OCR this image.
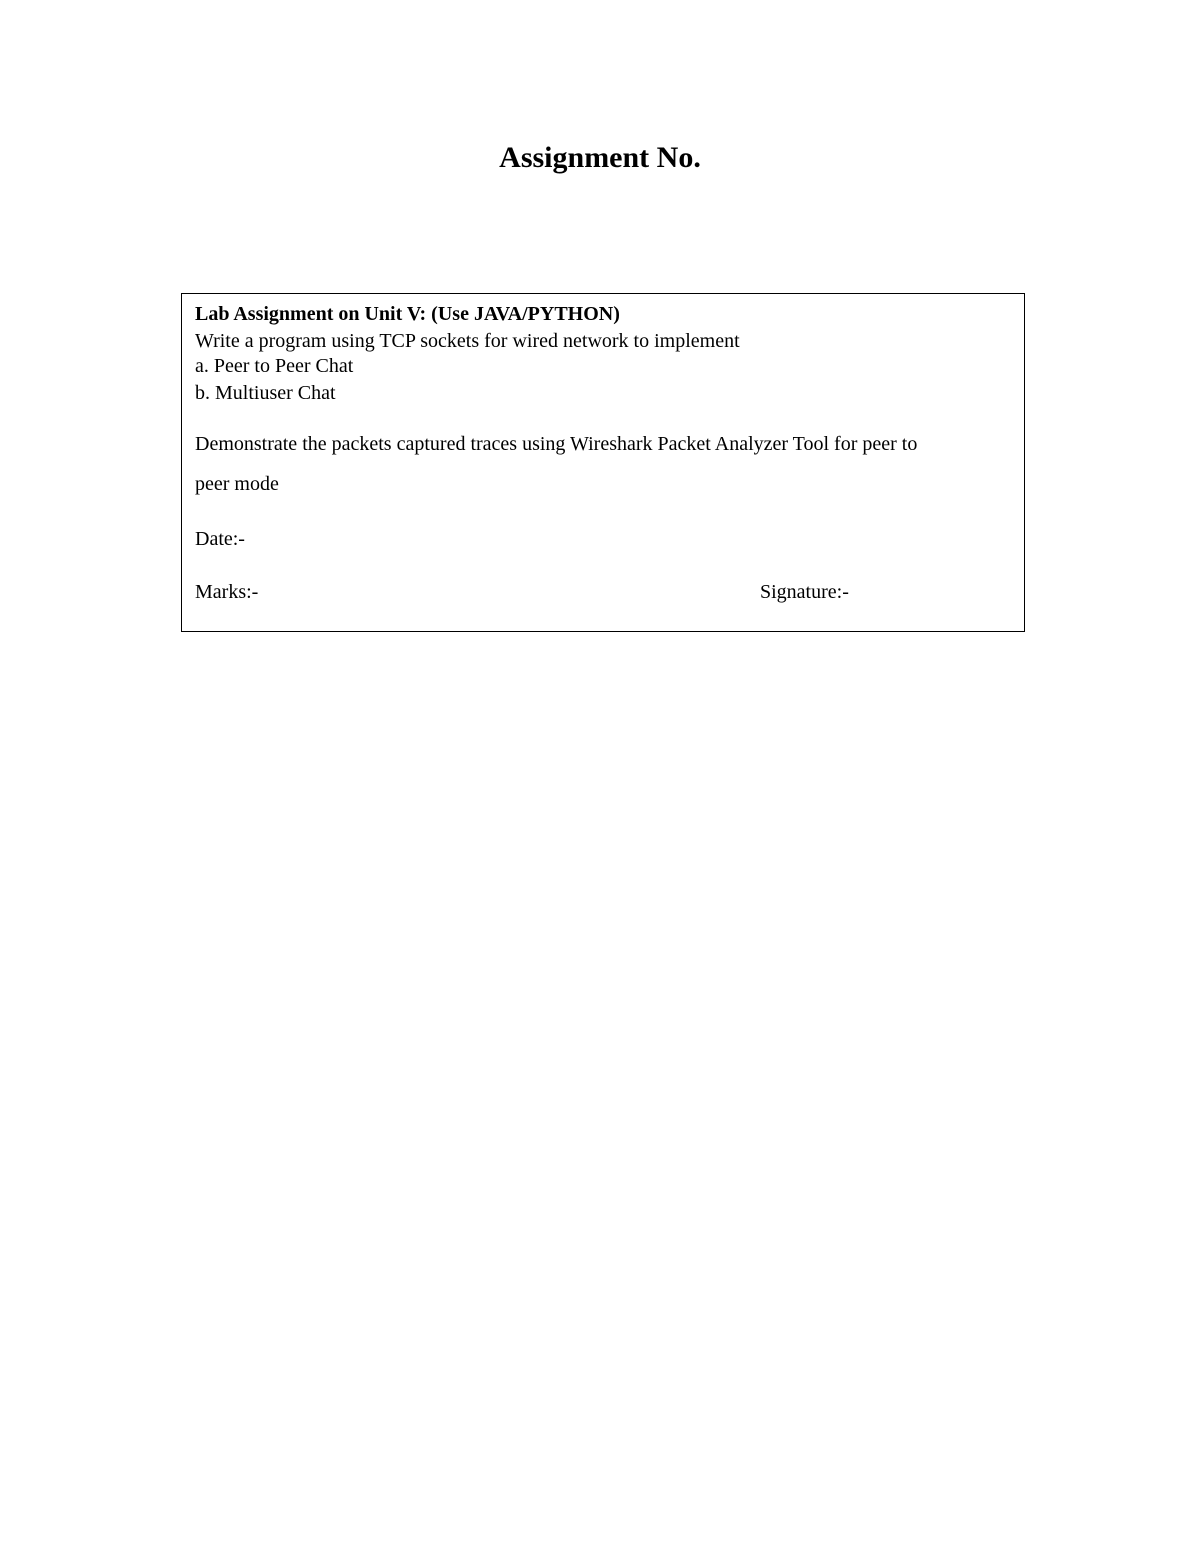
Assignment No.
Lab Assignment on Unit V: (Use JAVA/PYTHON)
Write a program using TCP sockets for wired network to implement
a. Peer to Peer Chat
b. Multiuser Chat
Demonstrate the packets captured traces using Wireshark Packet Analyzer Tool for peer to
peer mode
Date:-
Marks:-	Signature:-
